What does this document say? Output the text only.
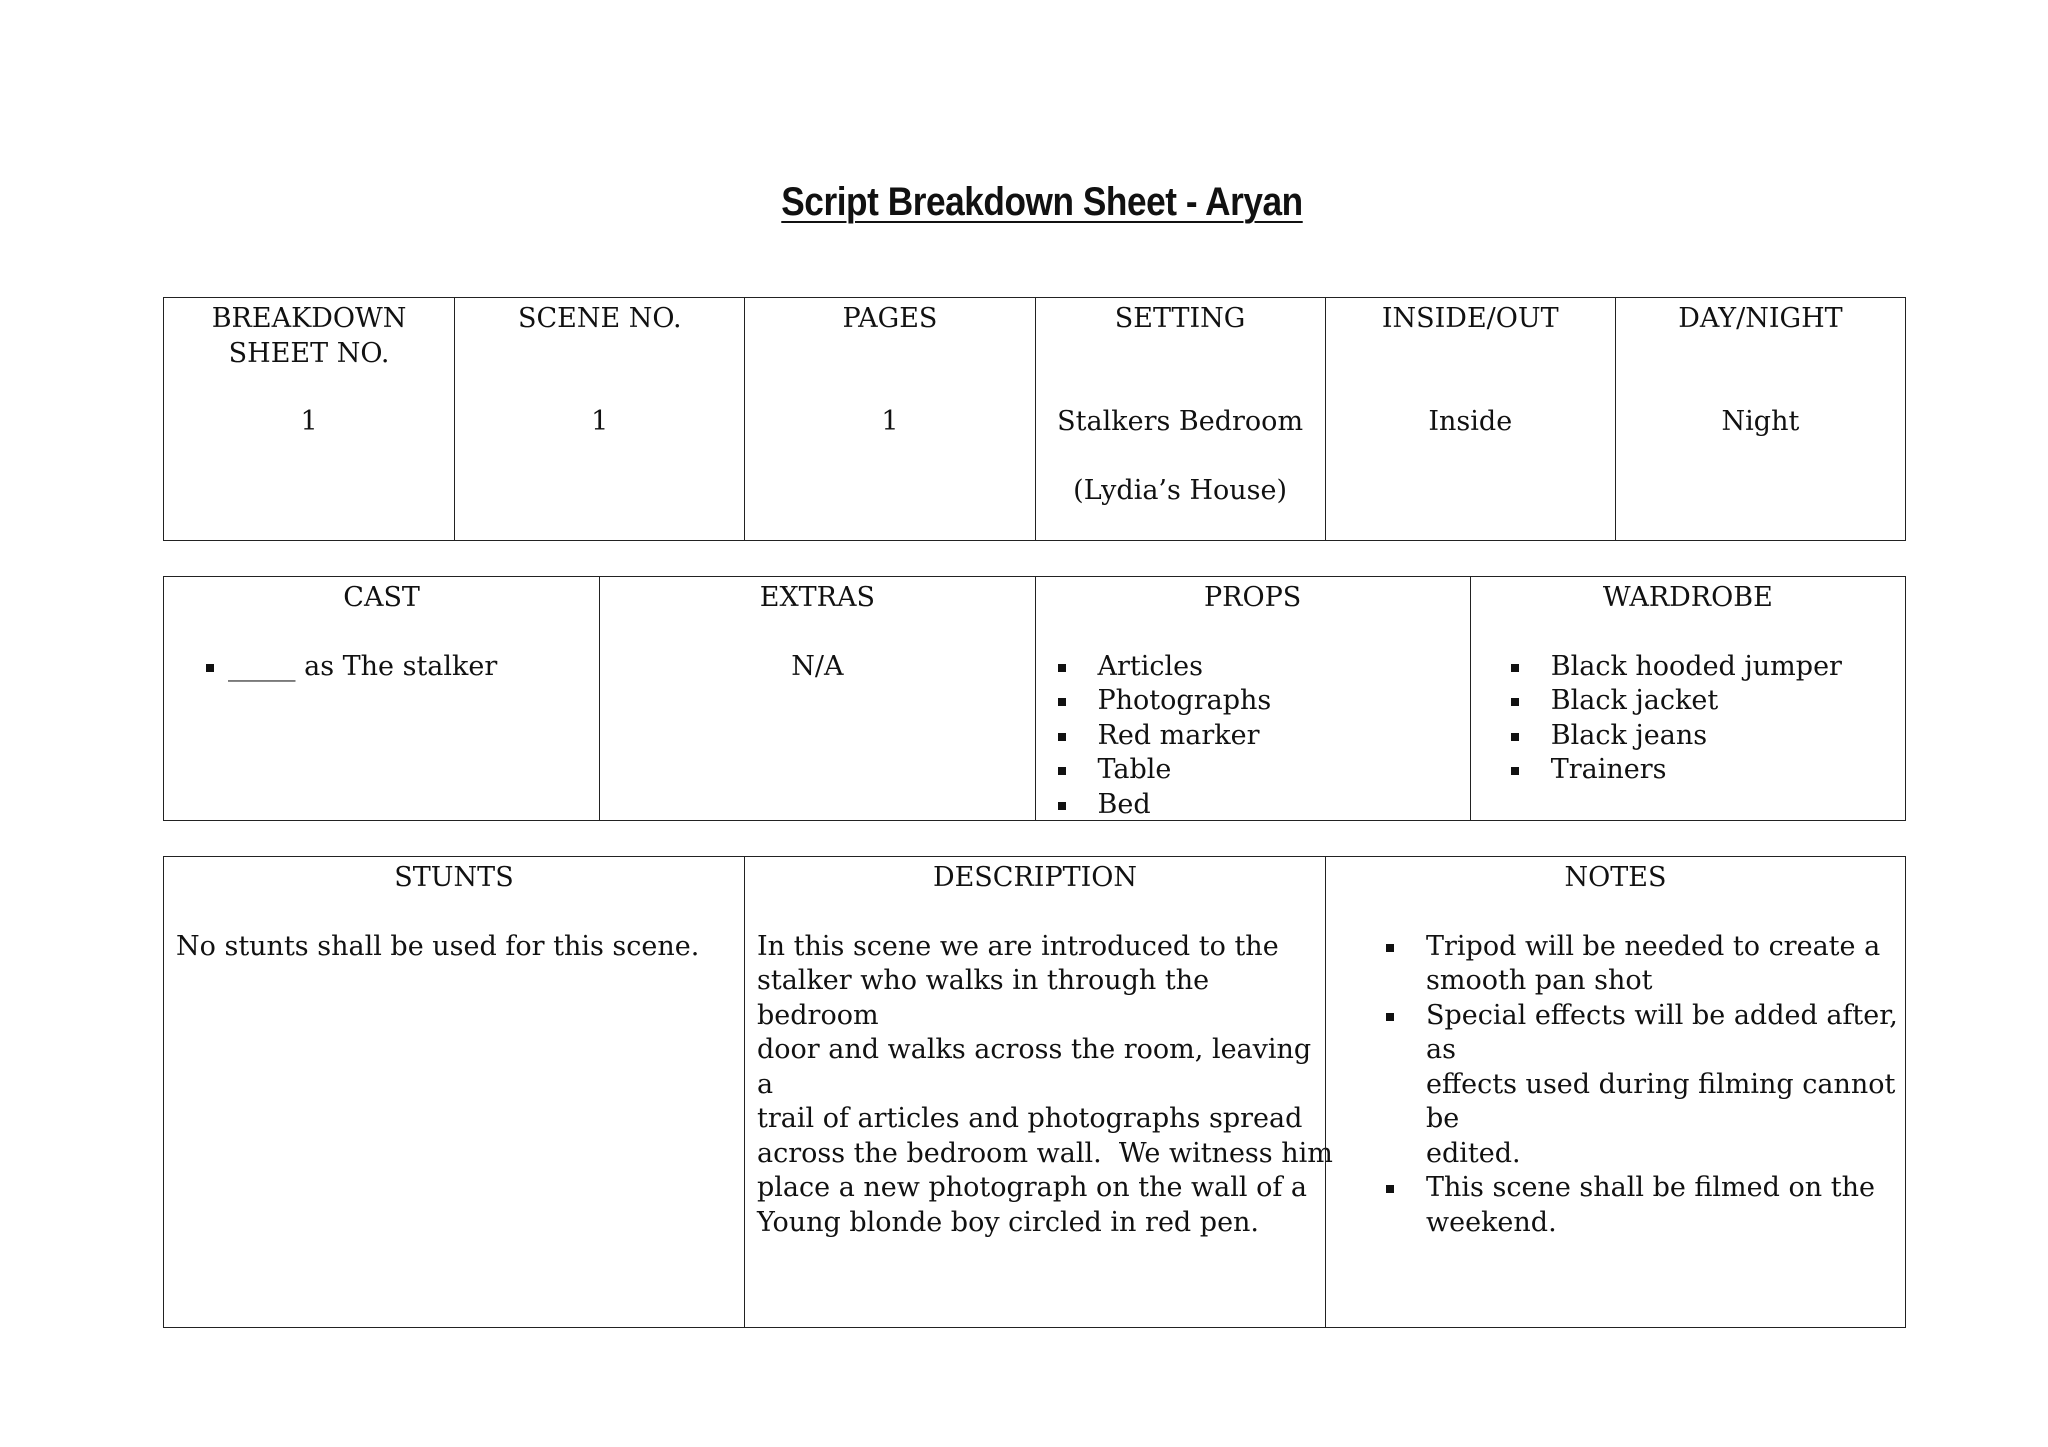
Script Breakdown Sheet - Aryan
BREAKDOWN
SHEET NO.
1
SCENE NO.
1
PAGES
1
SETTING
Stalkers Bedroom
(Lydia’s House)
INSIDE/OUT
Inside
DAY/NIGHT
Night
CAST
_____ as The stalker
EXTRAS
N/A
PROPS
Articles
Photographs
Red marker
Table
Bed
WARDROBE
Black hooded jumper
Black jacket
Black jeans
Trainers
STUNTS
No stunts shall be used for this scene.
DESCRIPTION
In this scene we are introduced to the
stalker who walks in through the bedroom
door and walks across the room, leaving a
trail of articles and photographs spread
across the bedroom wall.  We witness him
place a new photograph on the wall of a
Young blonde boy circled in red pen.
NOTES
Tripod will be needed to create a
smooth pan shot
Special effects will be added after, as
effects used during filming cannot be
edited.
This scene shall be filmed on the
weekend.
